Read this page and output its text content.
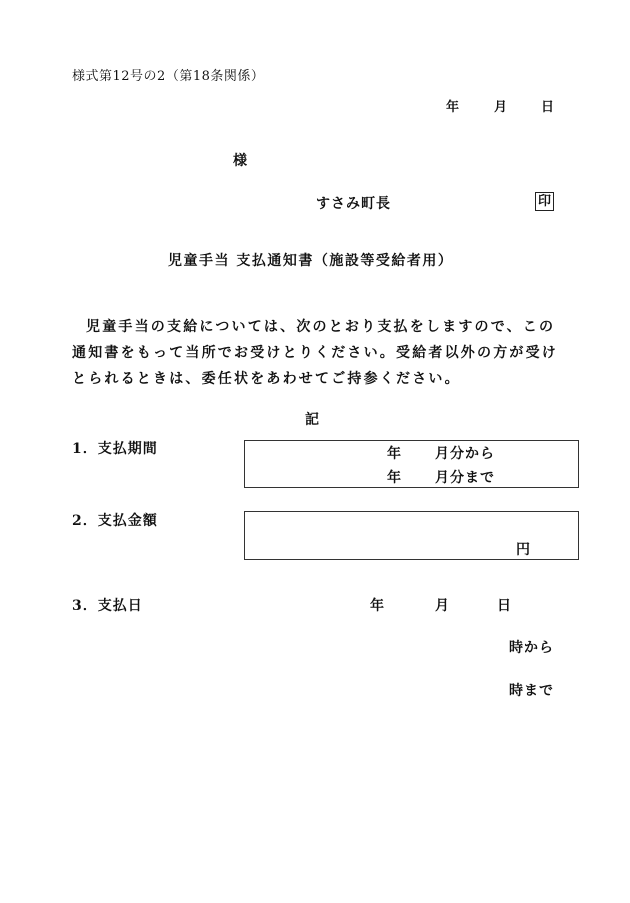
様式第12号の2（第18条関係）
年	月	日
様
すさみ町長	印
児童手当 支払通知書（施設等受給者用）
児童手当の支給については、次のとおり支払をしますので、この通知書をもって当所でお受けとりください。受給者以外の方が受けとられるときは、委任状をあわせてご持参ください。
記
1．支払期間	年 月分から
年 月分まで
2．支払金額
円
3．支払日	年	月	日
時から
時まで
